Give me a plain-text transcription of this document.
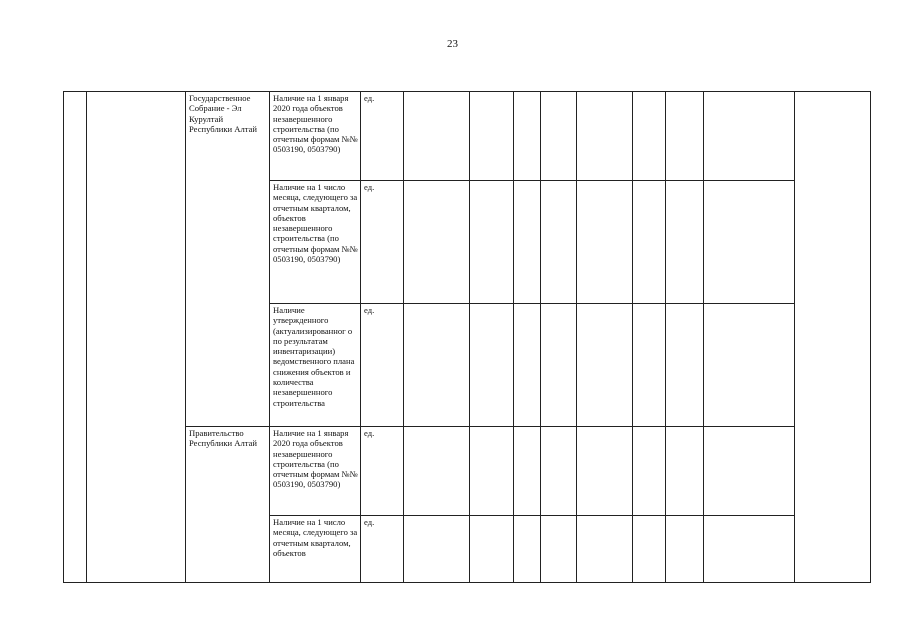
23
		Государственное Собрание - Эл Курултай Республики Алтай	Наличие на 1 января 2020 года объектов незавершенного строительства (по отчетным формам №№ 0503190, 0503790)	ед.									
			Наличие на 1 число месяца, следующего за отчетным кварталом, объектов незавершенного строительства (по отчетным формам №№ 0503190, 0503790)	ед.									
			Наличие утвержденного (актуализированног о по результатам инвентаризации) ведомственного плана снижения объектов и количества незавершенного строительства	ед.									
		Правительство Республики Алтай	Наличие на 1 января 2020 года объектов незавершенного строительства (по отчетным формам №№ 0503190, 0503790)	ед.									
			Наличие на 1 число месяца, следующего за отчетным кварталом, объектов	ед.									
